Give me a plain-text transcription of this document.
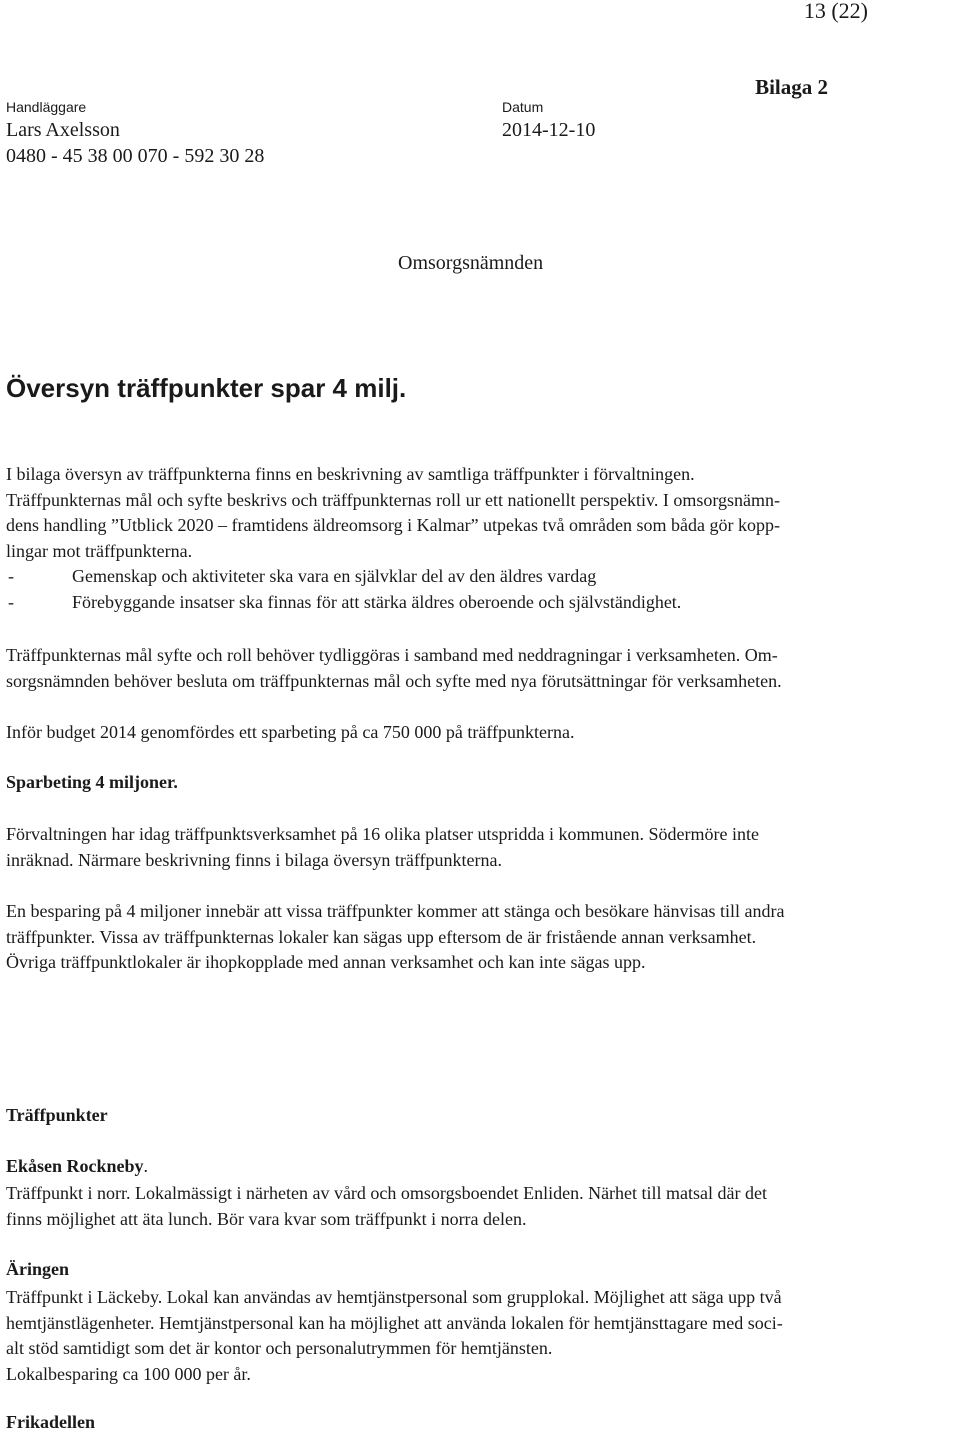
13 (22)
Bilaga 2
Handläggare	Datum
Lars Axelsson	2014-12-10
0480 - 45 38 00 070 - 592 30 28
Omsorgsnämnden
Översyn träffpunkter spar 4 milj.
I bilaga översyn av träffpunkterna finns en beskrivning av samtliga träffpunkter i förvaltningen.
Träffpunkternas mål och syfte beskrivs och träffpunkternas roll ur ett nationellt perspektiv. I omsorgsnämn-
dens handling ”Utblick 2020 – framtidens äldreomsorg i Kalmar” utpekas två områden som båda gör kopp-
lingar mot träffpunkterna.
-	Gemenskap och aktiviteter ska vara en självklar del av den äldres vardag
-	Förebyggande insatser ska finnas för att stärka äldres oberoende och självständighet.
Träffpunkternas mål syfte och roll behöver tydliggöras i samband med neddragningar i verksamheten. Om-
sorgsnämnden behöver besluta om träffpunkternas mål och syfte med nya förutsättningar för verksamheten.
Inför budget 2014 genomfördes ett sparbeting på ca 750 000 på träffpunkterna.
Sparbeting 4 miljoner.
Förvaltningen har idag träffpunktsverksamhet på 16 olika platser utspridda i kommunen. Södermöre inte
inräknad. Närmare beskrivning finns i bilaga översyn träffpunkterna.
En besparing på 4 miljoner innebär att vissa träffpunkter kommer att stänga och besökare hänvisas till andra
träffpunkter. Vissa av träffpunkternas lokaler kan sägas upp eftersom de är fristående annan verksamhet.
Övriga träffpunktlokaler är ihopkopplade med annan verksamhet och kan inte sägas upp.
Träffpunkter
Ekåsen Rockneby.
Träffpunkt i norr. Lokalmässigt i närheten av vård och omsorgsboendet Enliden. Närhet till matsal där det
finns möjlighet att äta lunch. Bör vara kvar som träffpunkt i norra delen.
Äringen
Träffpunkt i Läckeby. Lokal kan användas av hemtjänstpersonal som grupplokal. Möjlighet att säga upp två
hemtjänstlägenheter. Hemtjänstpersonal kan ha möjlighet att använda lokalen för hemtjänsttagare med soci-
alt stöd samtidigt som det är kontor och personalutrymmen för hemtjänsten.
Lokalbesparing ca 100 000 per år.
Frikadellen
